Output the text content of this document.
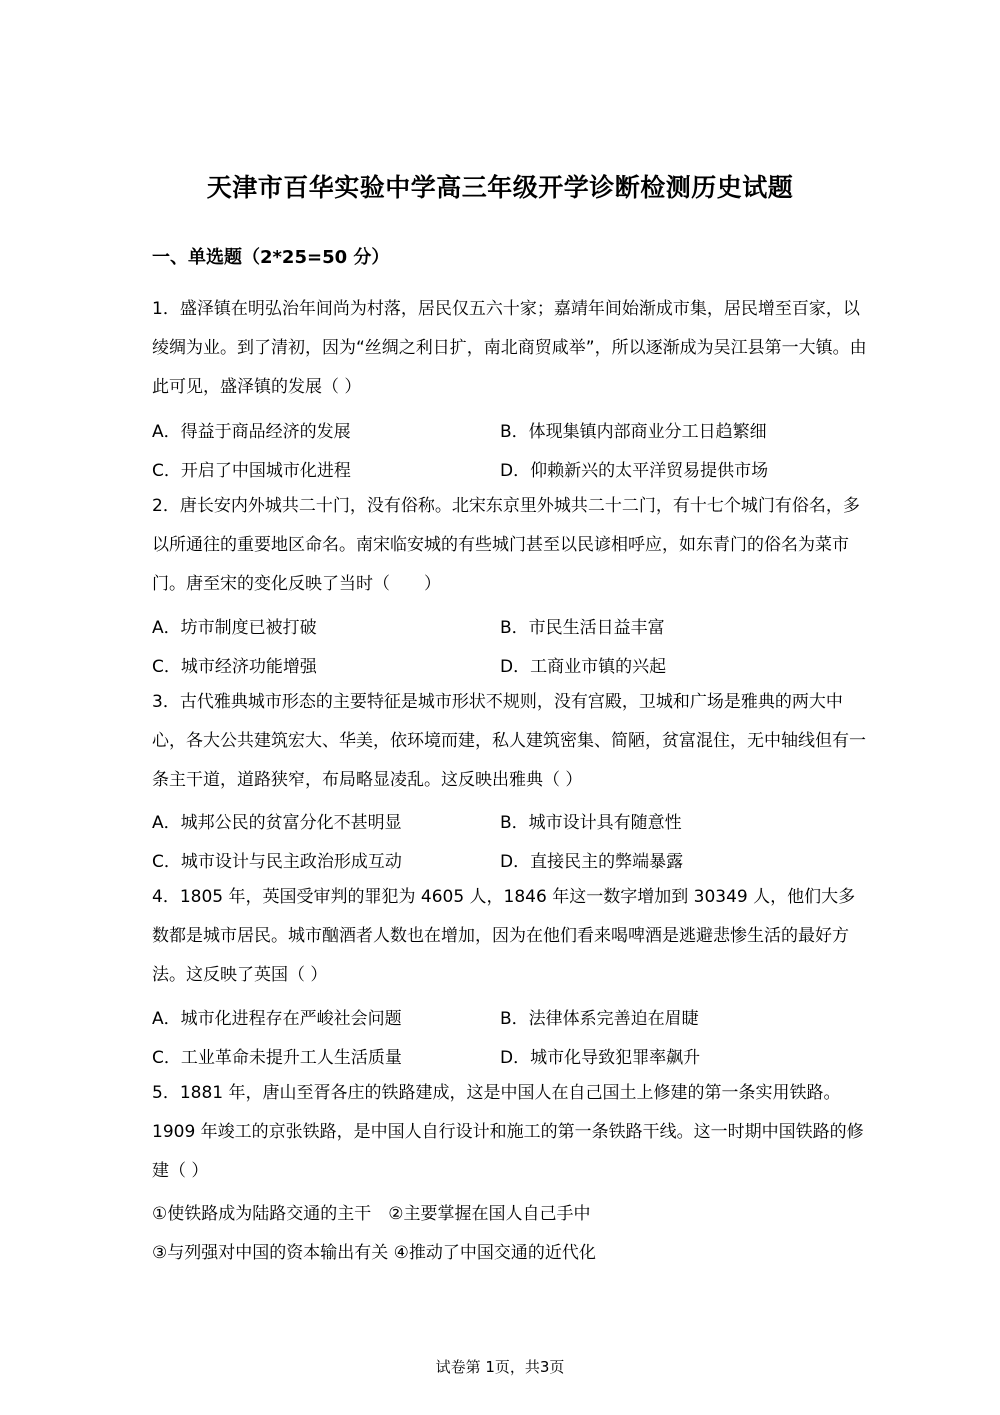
天津市百华实验中学高三年级开学诊断检测历史试题
一、单选题（2*25=50 分）

1．盛泽镇在明弘治年间尚为村落，居民仅五六十家；嘉靖年间始渐成市集，居民增至百家，以绫绸为业。到了清初，因为“丝绸之利日扩，南北商贸咸举”，所以逐渐成为吴江县第一大镇。由此可见，盛泽镇的发展（ ）

A．得益于商品经济的发展	B．体现集镇内部商业分工日趋繁细
C．开启了中国城市化进程	D．仰赖新兴的太平洋贸易提供市场

2．唐长安内外城共二十门，没有俗称。北宋东京里外城共二十二门，有十七个城门有俗名，多以所通往的重要地区命名。南宋临安城的有些城门甚至以民谚相呼应，如东青门的俗名为菜市门。唐至宋的变化反映了当时（　　）

A．坊市制度已被打破	B．市民生活日益丰富
C．城市经济功能增强	D．工商业市镇的兴起

3．古代雅典城市形态的主要特征是城市形状不规则，没有宫殿，卫城和广场是雅典的两大中心，各大公共建筑宏大、华美，依环境而建，私人建筑密集、简陋，贫富混住，无中轴线但有一条主干道，道路狭窄，布局略显凌乱。这反映出雅典（ ）

A．城邦公民的贫富分化不甚明显	B．城市设计具有随意性
C．城市设计与民主政治形成互动	D．直接民主的弊端暴露

4．1805 年，英国受审判的罪犯为 4605 人，1846 年这一数字增加到 30349 人，他们大多数都是城市居民。城市酗酒者人数也在增加，因为在他们看来喝啤酒是逃避悲惨生活的最好方法。这反映了英国（ ）

A．城市化进程存在严峻社会问题	B．法律体系完善迫在眉睫
C．工业革命未提升工人生活质量	D．城市化导致犯罪率飙升

5．1881 年，唐山至胥各庄的铁路建成，这是中国人在自己国土上修建的第一条实用铁路。1909 年竣工的京张铁路，是中国人自行设计和施工的第一条铁路干线。这一时期中国铁路的修建（ ）

①使铁路成为陆路交通的主干　②主要掌握在国人自己手中
③与列强对中国的资本输出有关 ④推动了中国交通的近代化
试卷第 1页，共3页
